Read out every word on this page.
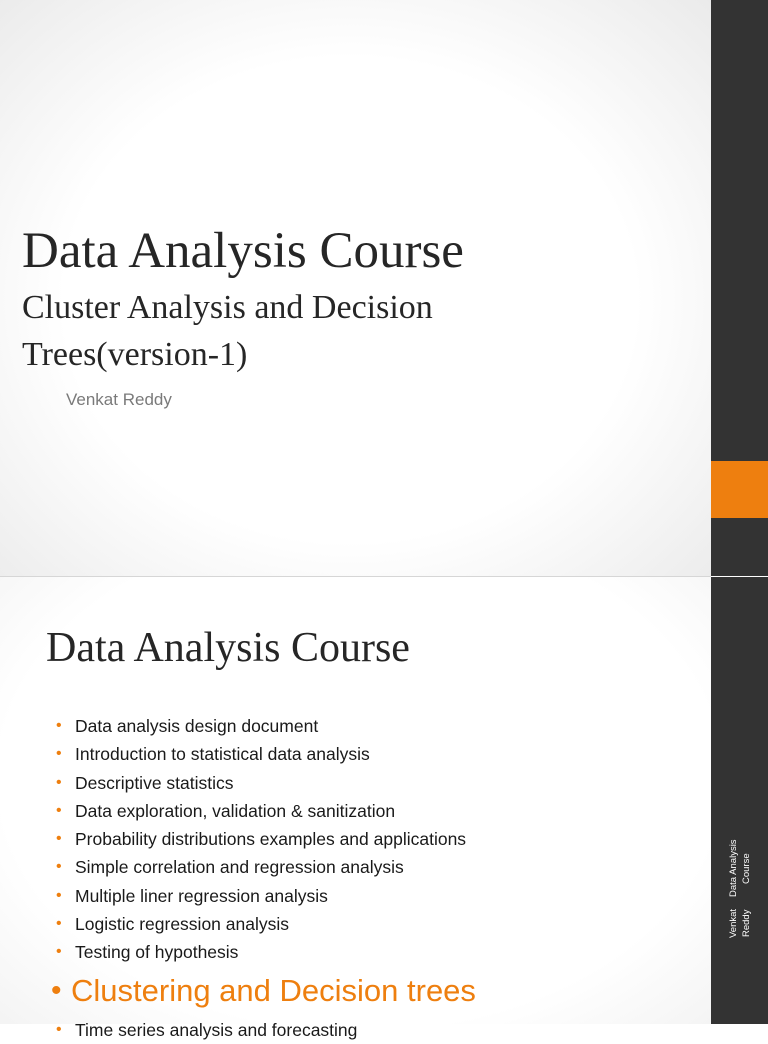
Data Analysis Course
Cluster Analysis and Decision Trees(version-1)
Venkat Reddy
Data Analysis Course
• Data analysis design document
• Introduction to statistical data analysis
• Descriptive statistics
• Data exploration, validation & sanitization
• Probability distributions examples and applications
• Simple correlation and regression analysis
• Multiple liner regression analysis
• Logistic regression analysis
• Testing of hypothesis
• Clustering and Decision trees
• Time series analysis and forecasting
Data Analysis Course
Venkat Reddy
